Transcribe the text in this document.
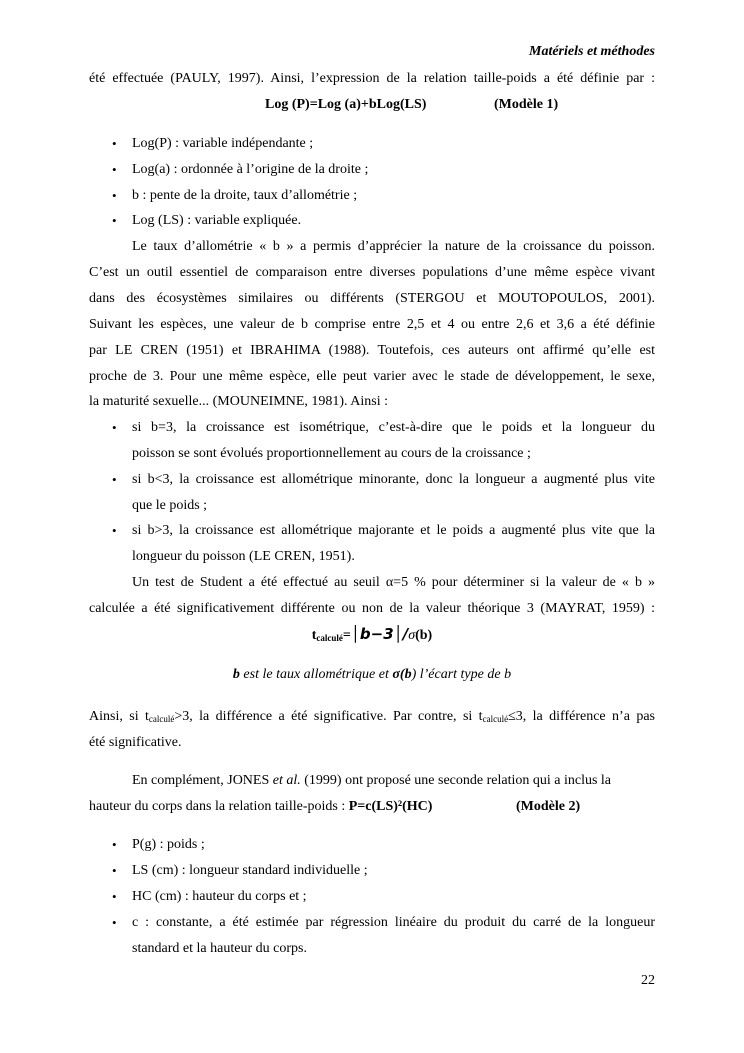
Matériels et méthodes
été effectuée (PAULY, 1997). Ainsi, l’expression de la relation taille-poids a été définie par :
Log (P)=Log (a)+bLog(LS)	(Modèle 1)
• Log(P) : variable indépendante ;
• Log(a) : ordonnée à l’origine de la droite ;
• b : pente de la droite, taux d’allométrie ;
• Log (LS) : variable expliquée.
Le taux d’allométrie « b » a permis d’apprécier la nature de la croissance du poisson.
C’est un outil essentiel de comparaison entre diverses populations d’une même espèce vivant
dans des écosystèmes similaires ou différents (STERGOU et MOUTOPOULOS, 2001).
Suivant les espèces, une valeur de b comprise entre 2,5 et 4 ou entre 2,6 et 3,6 a été définie
par LE CREN (1951) et IBRAHIMA (1988). Toutefois, ces auteurs ont affirmé qu’elle est
proche de 3. Pour une même espèce, elle peut varier avec le stade de développement, le sexe,
la maturité sexuelle... (MOUNEIMNE, 1981). Ainsi :
• si b=3, la croissance est isométrique, c’est-à-dire que le poids et la longueur du
poisson se sont évolués proportionnellement au cours de la croissance ;
• si b<3, la croissance est allométrique minorante, donc la longueur a augmenté plus vite
que le poids ;
• si b>3, la croissance est allométrique majorante et le poids a augmenté plus vite que la
longueur du poisson (LE CREN, 1951).
Un test de Student a été effectué au seuil α=5 % pour déterminer si la valeur de « b »
calculée a été significativement différente ou non de la valeur théorique 3 (MAYRAT, 1959) :
$t_{calculé}=│b-3│/\sigma(b)$
b est le taux allométrique et σ(b) l’écart type de b
Ainsi, si tcalculé>3, la différence a été significative. Par contre, si tcalculé≤3, la différence n’a pas
été significative.
En complément, JONES et al. (1999) ont proposé une seconde relation qui a inclus la
hauteur du corps dans la relation taille-poids : P=c(LS)²(HC)	(Modèle 2)
• P(g) : poids ;
• LS (cm) : longueur standard individuelle ;
• HC (cm) : hauteur du corps et ;
• c : constante, a été estimée par régression linéaire du produit du carré de la longueur
standard et la hauteur du corps.
22
